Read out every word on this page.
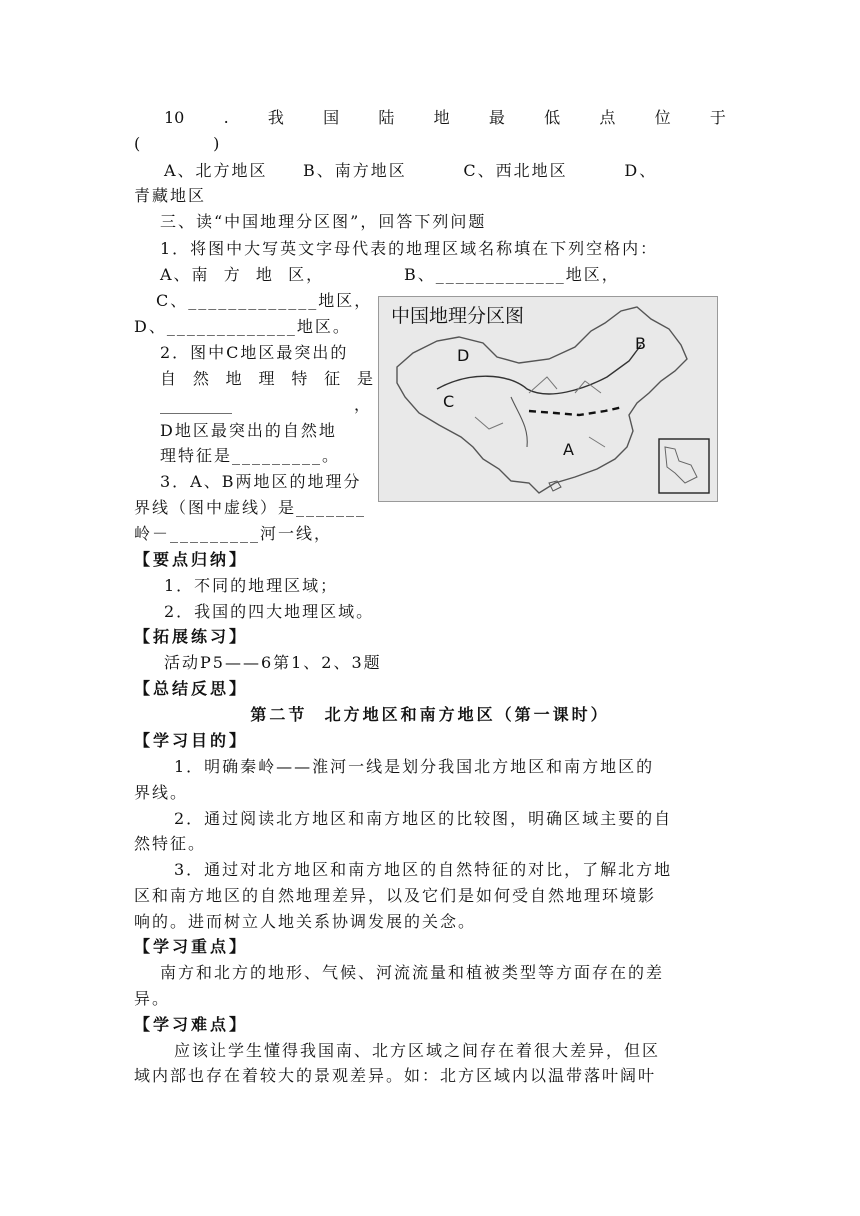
10 . 我 国 陆 地 最 低 点 位 于
(          )
A、北方地区     B、南方地区        C、西北地区        D、
青藏地区
三、读“中国地理分区图”，回答下列问题
1．将图中大写英文字母代表的地理区域名称填在下列空格内：
A、南  方  地  区，	B、_____________地区，
C、_____________地区，
D、_____________地区。
2．图中C地区最突出的
自 然 地 理 特 征 是
_________	，
D地区最突出的自然地
理特征是_________。
3．A、B两地区的地理分
界线（图中虚线）是_______
岭－_________河一线，
D
C
A
B
中国地理分区图
【要点归纳】
1．不同的地理区域；
2．我国的四大地理区域。
【拓展练习】
活动P5——6第1、2、3题
【总结反思】
第二节  北方地区和南方地区（第一课时）
【学习目的】
1．明确秦岭——淮河一线是划分我国北方地区和南方地区的
界线。
2．通过阅读北方地区和南方地区的比较图，明确区域主要的自
然特征。
3．通过对北方地区和南方地区的自然特征的对比，了解北方地
区和南方地区的自然地理差异，以及它们是如何受自然地理环境影
响的。进而树立人地关系协调发展的关念。
【学习重点】
南方和北方的地形、气候、河流流量和植被类型等方面存在的差
异。
【学习难点】
应该让学生懂得我国南、北方区域之间存在着很大差异，但区
域内部也存在着较大的景观差异。如：北方区域内以温带落叶阔叶
